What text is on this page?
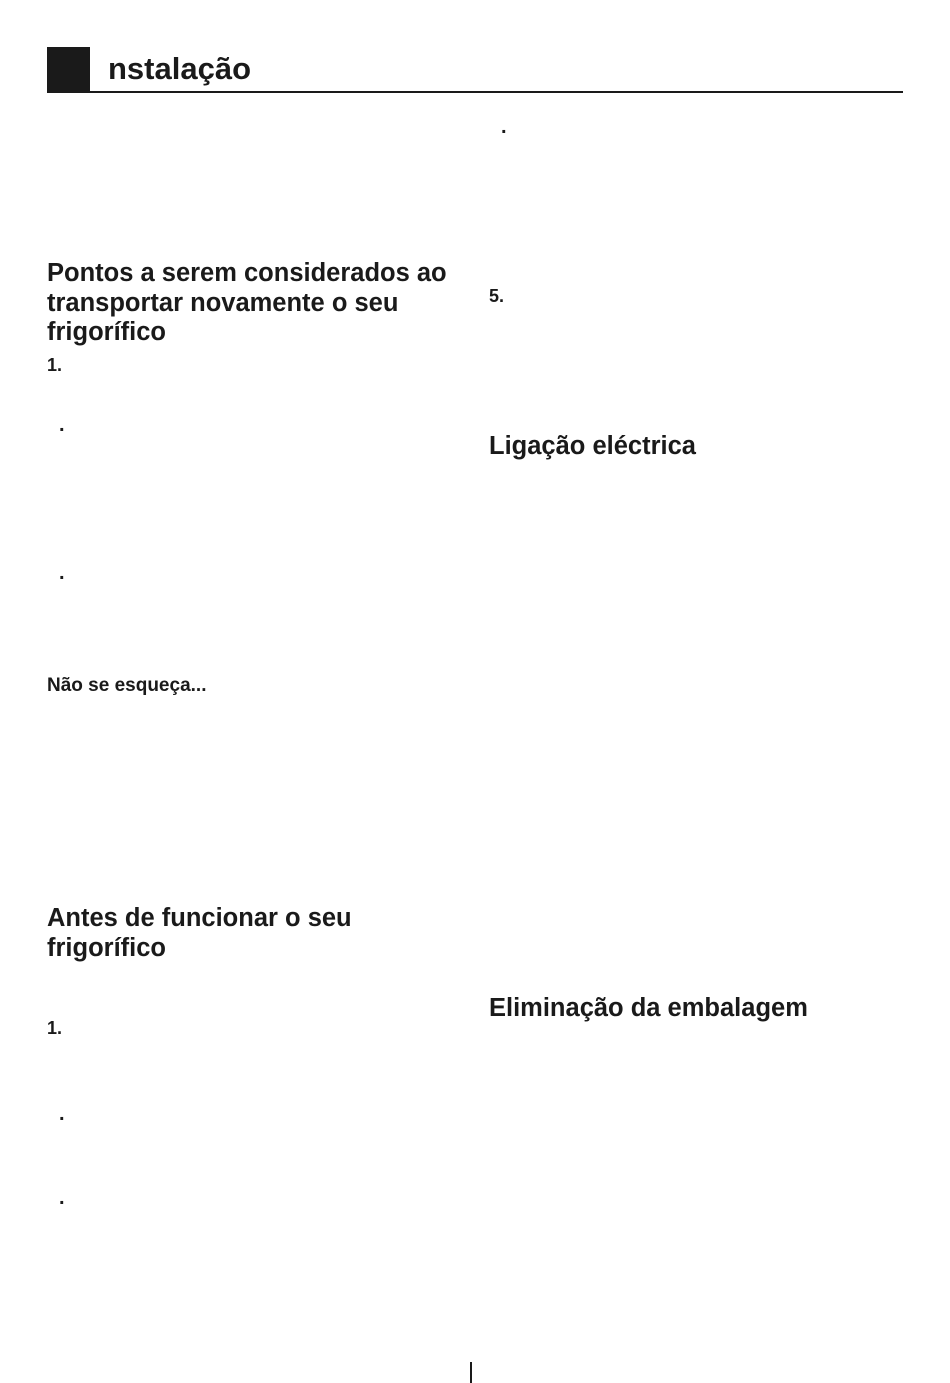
nstalação
Pontos a serem considerados ao transportar novamente o seu frigorífico
1.
.
.
Não se esqueça...
Antes de funcionar o seu frigorífico
1.
.
.
.
5.
Ligação eléctrica
Eliminação da embalagem
